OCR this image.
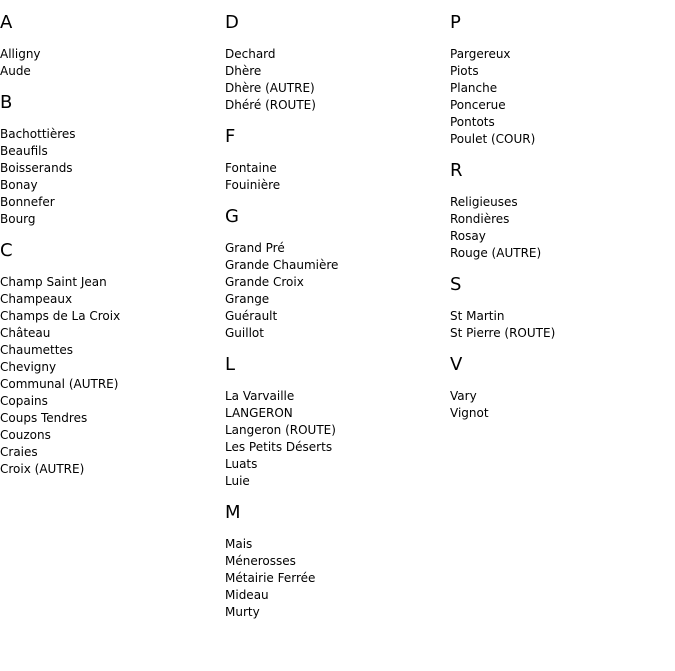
A
Alligny
Aude
B
Bachottières
Beaufils
Boisserands
Bonay
Bonnefer
Bourg
C
Champ Saint Jean
Champeaux
Champs de La Croix
Château
Chaumettes
Chevigny
Communal (AUTRE)
Copains
Coups Tendres
Couzons
Craies
Croix (AUTRE)
D
Dechard
Dhère
Dhère (AUTRE)
Dhéré (ROUTE)
F
Fontaine
Fouinière
G
Grand Pré
Grande Chaumière
Grande Croix
Grange
Guérault
Guillot
L
La Varvaille
LANGERON
Langeron (ROUTE)
Les Petits Déserts
Luats
Luie
M
Mais
Ménerosses
Métairie Ferrée
Mideau
Murty
P
Pargereux
Piots
Planche
Poncerue
Pontots
Poulet (COUR)
R
Religieuses
Rondières
Rosay
Rouge (AUTRE)
S
St Martin
St Pierre (ROUTE)
V
Vary
Vignot
